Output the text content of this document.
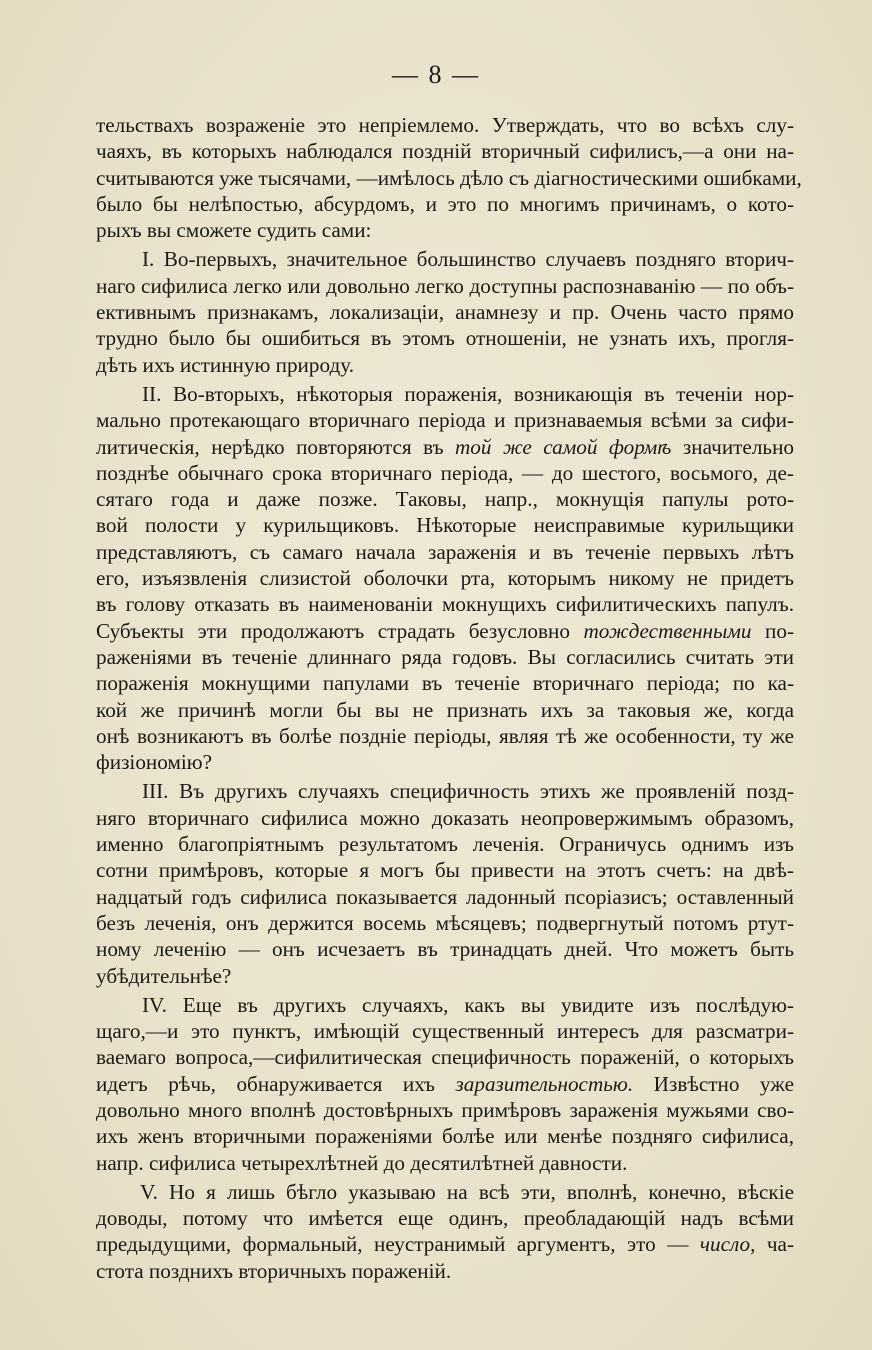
— 8 —
тельствахъ возраженіе это непріемлемо. Утверждать, что во всѣхъ слу-
чаяхъ, въ которыхъ наблюдался поздній вторичный сифилисъ,—а они на-
считываются уже тысячами, —имѣлось дѣло съ діагностическими ошибками,
было бы нелѣпостью, абсурдомъ, и это по многимъ причинамъ, о кото-
рыхъ вы сможете судить сами:
I. Во-первыхъ, значительное большинство случаевъ поздняго вторич-
наго сифилиса легко или довольно легко доступны распознаванію — по объ-
ективнымъ признакамъ, локализаціи, анамнезу и пр. Очень часто прямо
трудно было бы ошибиться въ этомъ отношеніи, не узнать ихъ, прогля-
дѣть ихъ истинную природу.
II. Во-вторыхъ, нѣкоторыя пораженія, возникающія въ теченіи нор-
мально протекающаго вторичнаго періода и признаваемыя всѣми за сифи-
литическія, нерѣдко повторяются въ той же самой формѣ значительно
позднѣе обычнаго срока вторичнаго періода, — до шестого, восьмого, де-
сятаго года и даже позже. Таковы, напр., мокнущія папулы рото-
вой полости у курильщиковъ. Нѣкоторые неисправимые курильщики
представляютъ, съ самаго начала зараженія и въ теченіе первыхъ лѣтъ
его, изъязвленія слизистой оболочки рта, которымъ никому не придетъ
въ голову отказать въ наименованіи мокнущихъ сифилитическихъ папулъ.
Субъекты эти продолжаютъ страдать безусловно тождественными по-
раженіями въ теченіе длиннаго ряда годовъ. Вы согласились считать эти
пораженія мокнущими папулами въ теченіе вторичнаго періода; по ка-
кой же причинѣ могли бы вы не признать ихъ за таковыя же, когда
онѣ возникаютъ въ болѣе поздніе періоды, являя тѣ же особенности, ту же
физіономію?
III. Въ другихъ случаяхъ специфичность этихъ же проявленій позд-
няго вторичнаго сифилиса можно доказать неопровержимымъ образомъ,
именно благопріятнымъ результатомъ леченія. Ограничусь однимъ изъ
сотни примѣровъ, которые я могъ бы привести на этотъ счетъ: на двѣ-
надцатый годъ сифилиса показывается ладонный псоріазисъ; оставленный
безъ леченія, онъ держится восемь мѣсяцевъ; подвергнутый потомъ ртут-
ному леченію — онъ исчезаетъ въ тринадцать дней. Что можетъ быть
убѣдительнѣе?
IV. Еще въ другихъ случаяхъ, какъ вы увидите изъ послѣдую-
щаго,—и это пунктъ, имѣющій существенный интересъ для разсматри-
ваемаго вопроса,—сифилитическая специфичность пораженій, о которыхъ
идетъ рѣчь, обнаруживается ихъ заразительностью. Извѣстно уже
довольно много вполнѣ достовѣрныхъ примѣровъ зараженія мужьями сво-
ихъ женъ вторичными пораженіями болѣе или менѣе поздняго сифилиса,
напр. сифилиса четырехлѣтней до десятилѣтней давности.
V. Но я лишь бѣгло указываю на всѣ эти, вполнѣ, конечно, вѣскіе
доводы, потому что имѣется еще одинъ, преобладающій надъ всѣми
предыдущими, формальный, неустранимый аргументъ, это — число, ча-
стота позднихъ вторичныхъ пораженій.
